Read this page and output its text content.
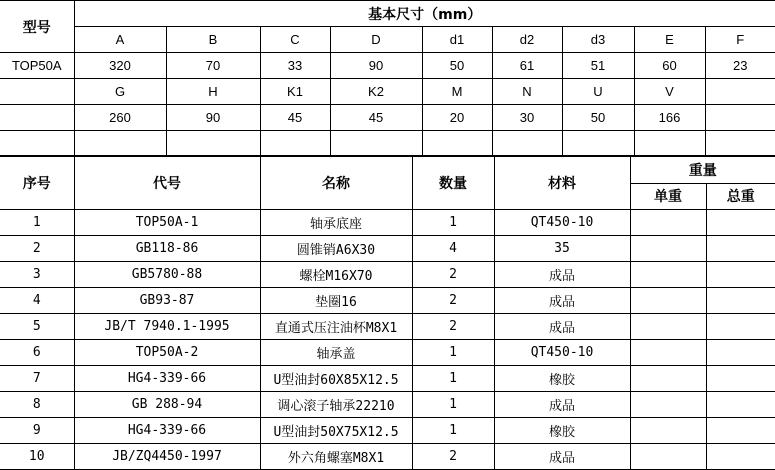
型号	基本尺寸（mm）								
	A	B	C	D	d1	d2	d3	E	F
TOP50A	320	70	33	90	50	61	51	60	23
	G	H	K1	K2	M	N	U	V	
	260	90	45	45	20	30	50	166	

序号	代号	名称	数量	材料	重量	
					单重	总重
1	TOP50A-1	轴承底座	1	QT450-10		
2	GB118-86	圆锥销A6X30	4	35		
3	GB5780-88	螺栓M16X70	2	成品		
4	GB93-87	垫圈16	2	成品		
5	JB/T 7940.1-1995	直通式压注油杯M8X1	2	成品		
6	TOP50A-2	轴承盖	1	QT450-10		
7	HG4-339-66	U型油封60X85X12.5	1	橡胶		
8	GB 288-94	调心滚子轴承22210	1	成品		
9	HG4-339-66	U型油封50X75X12.5	1	橡胶		
10	JB/ZQ4450-1997	外六角螺塞M8X1	2	成品		
